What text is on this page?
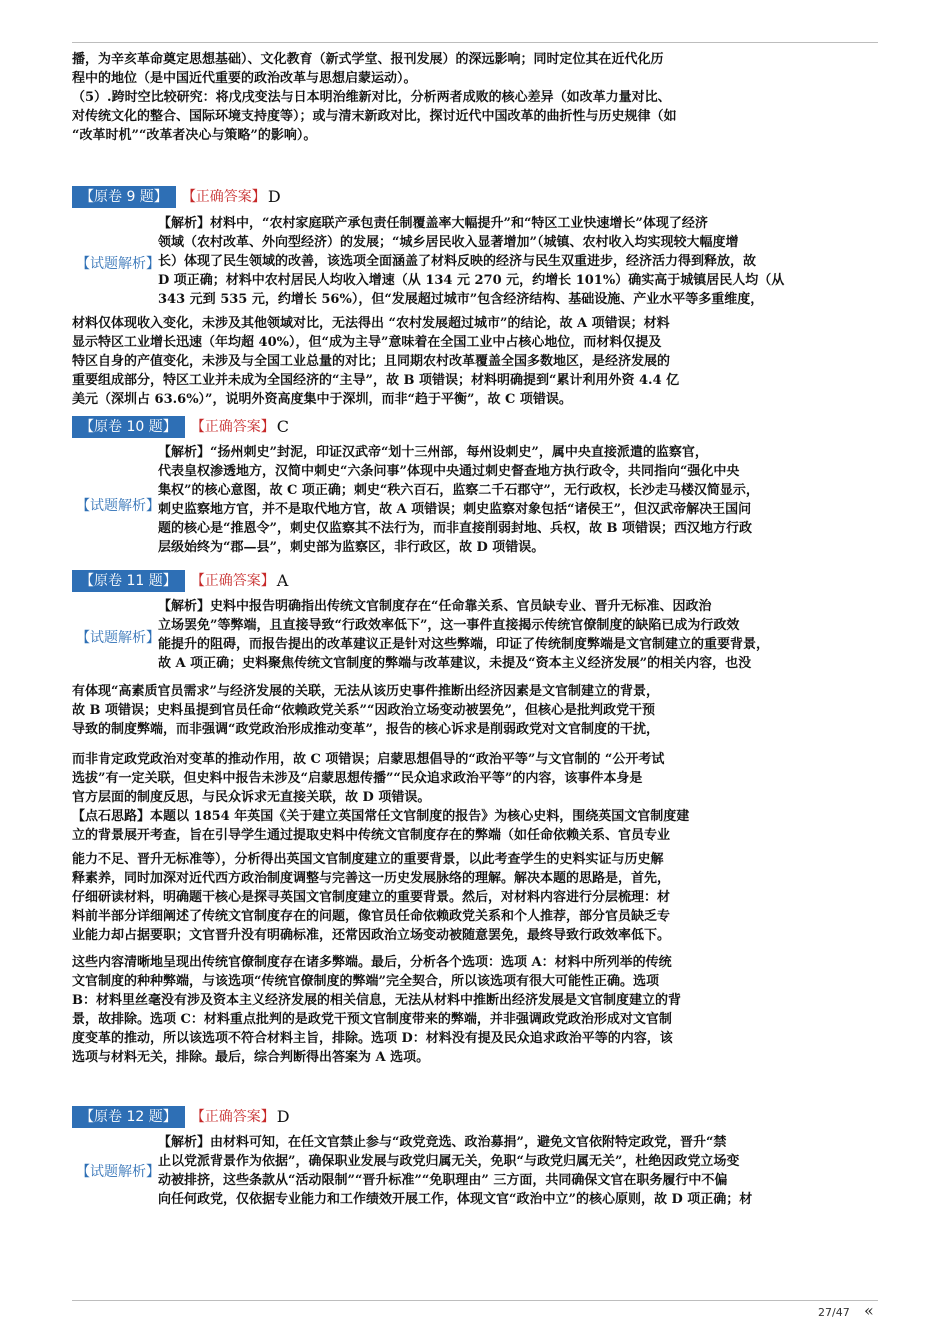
播，为辛亥革命奠定思想基础）、文化教育（新式学堂、报刊发展）的深远影响；同时定位其在近代化历

程中的地位（是中国近代重要的政治改革与思想启蒙运动）。

（5）.跨时空比较研究：将戊戌变法与日本明治维新对比，分析两者成败的核心差异（如改革力量对比、

对传统文化的整合、国际环境支持度等）；或与清末新政对比，探讨近代中国改革的曲折性与历史规律（如

“改革时机”“改革者决心与策略”的影响）。

【原卷 9 题】	【正确答案】 D
【试题解析】

【解析】材料中，“农村家庭联产承包责任制覆盖率大幅提升”和“特区工业快速增长”体现了经济

领域（农村改革、外向型经济）的发展；“城乡居民收入显著增加”（城镇、农村收入均实现较大幅度增

长）体现了民生领域的改善，该选项全面涵盖了材料反映的经济与民生双重进步，经济活力得到释放，故

D 项正确；材料中农村居民人均收入增速（从 134 元 270 元，约增长 101%）确实高于城镇居民人均（从

343 元到 535 元，约增长 56%），但“发展超过城市”包含经济结构、基础设施、产业水平等多重维度，

材料仅体现收入变化，未涉及其他领域对比，无法得出 “农村发展超过城市”的结论，故 A 项错误；材料

显示特区工业增长迅速（年均超 40%），但“成为主导”意味着在全国工业中占核心地位，而材料仅提及

特区自身的产值变化，未涉及与全国工业总量的对比；且同期农村改革覆盖全国多数地区，是经济发展的

重要组成部分，特区工业并未成为全国经济的“主导”，故 B 项错误；材料明确提到“累计利用外资 4.4 亿

美元（深圳占 63.6%）”，说明外资高度集中于深圳，而非“趋于平衡”，故 C 项错误。

【原卷 10 题】	【正确答案】 C
【试题解析】

【解析】“扬州刺史”封泥，印证汉武帝“划十三州部，每州设刺史”，属中央直接派遣的监察官，

代表皇权渗透地方，汉简中刺史“六条问事”体现中央通过刺史督查地方执行政令，共同指向“强化中央

集权”的核心意图，故 C 项正确；刺史“秩六百石，监察二千石郡守”，无行政权，长沙走马楼汉简显示，

刺史监察地方官，并不是取代地方官，故 A 项错误；刺史监察对象包括“诸侯王”，但汉武帝解决王国问

题的核心是“推恩令”，刺史仅监察其不法行为，而非直接削弱封地、兵权，故 B 项错误；西汉地方行政

层级始终为“郡—县”，刺史部为监察区，非行政区，故 D 项错误。

【原卷 11 题】	【正确答案】 A
【试题解析】

【解析】史料中报告明确指出传统文官制度存在“任命靠关系、官员缺专业、晋升无标准、因政治

立场罢免”等弊端，且直接导致“行政效率低下”，这一事件直接揭示传统官僚制度的缺陷已成为行政效

能提升的阻碍，而报告提出的改革建议正是针对这些弊端，印证了传统制度弊端是文官制建立的重要背景，

故 A 项正确；史料聚焦传统文官制度的弊端与改革建议，未提及“资本主义经济发展”的相关内容，也没

有体现“高素质官员需求”与经济发展的关联，无法从该历史事件推断出经济因素是文官制建立的背景，

故 B 项错误；史料虽提到官员任命“依赖政党关系”“因政治立场变动被罢免”，但核心是批判政党干预

导致的制度弊端，而非强调“政党政治形成推动变革”，报告的核心诉求是削弱政党对文官制度的干扰，

而非肯定政党政治对变革的推动作用，故 C 项错误；启蒙思想倡导的“政治平等”与文官制的 “公开考试

选拔”有一定关联，但史料中报告未涉及“启蒙思想传播”“民众追求政治平等”的内容，该事件本身是

官方层面的制度反思，与民众诉求无直接关联，故 D 项错误。

【点石思路】本题以 1854 年英国《关于建立英国常任文官制度的报告》为核心史料，围绕英国文官制度建

立的背景展开考查，旨在引导学生通过提取史料中传统文官制度存在的弊端（如任命依赖关系、官员专业

能力不足、晋升无标准等），分析得出英国文官制度建立的重要背景，以此考查学生的史料实证与历史解

释素养，同时加深对近代西方政治制度调整与完善这一历史发展脉络的理解。解决本题的思路是，首先，

仔细研读材料，明确题干核心是探寻英国文官制度建立的重要背景。然后，对材料内容进行分层梳理：材

料前半部分详细阐述了传统文官制度存在的问题，像官员任命依赖政党关系和个人推荐，部分官员缺乏专

业能力却占据要职；文官晋升没有明确标准，还常因政治立场变动被随意罢免，最终导致行政效率低下。

这些内容清晰地呈现出传统官僚制度存在诸多弊端。最后，分析各个选项：选项 A：材料中所列举的传统

文官制度的种种弊端，与该选项“传统官僚制度的弊端”完全契合，所以该选项有很大可能性正确。选项

B：材料里丝毫没有涉及资本主义经济发展的相关信息，无法从材料中推断出经济发展是文官制度建立的背

景，故排除。选项 C：材料重点批判的是政党干预文官制度带来的弊端，并非强调政党政治形成对文官制

度变革的推动，所以该选项不符合材料主旨，排除。选项 D：材料没有提及民众追求政治平等的内容，该

选项与材料无关，排除。最后，综合判断得出答案为 A 选项。

【原卷 12 题】	【正确答案】 D
【试题解析】

【解析】由材料可知，在任文官禁止参与“政党竞选、政治募捐”，避免文官依附特定政党，晋升“禁

止以党派背景作为依据”，确保职业发展与政党归属无关，免职“与政党归属无关”，杜绝因政党立场变

动被排挤，这些条款从“活动限制”“晋升标准”“免职理由” 三方面，共同确保文官在职务履行中不偏

向任何政党，仅依据专业能力和工作绩效开展工作，体现文官“政治中立”的核心原则，故 D 项正确；材

27/47 «
